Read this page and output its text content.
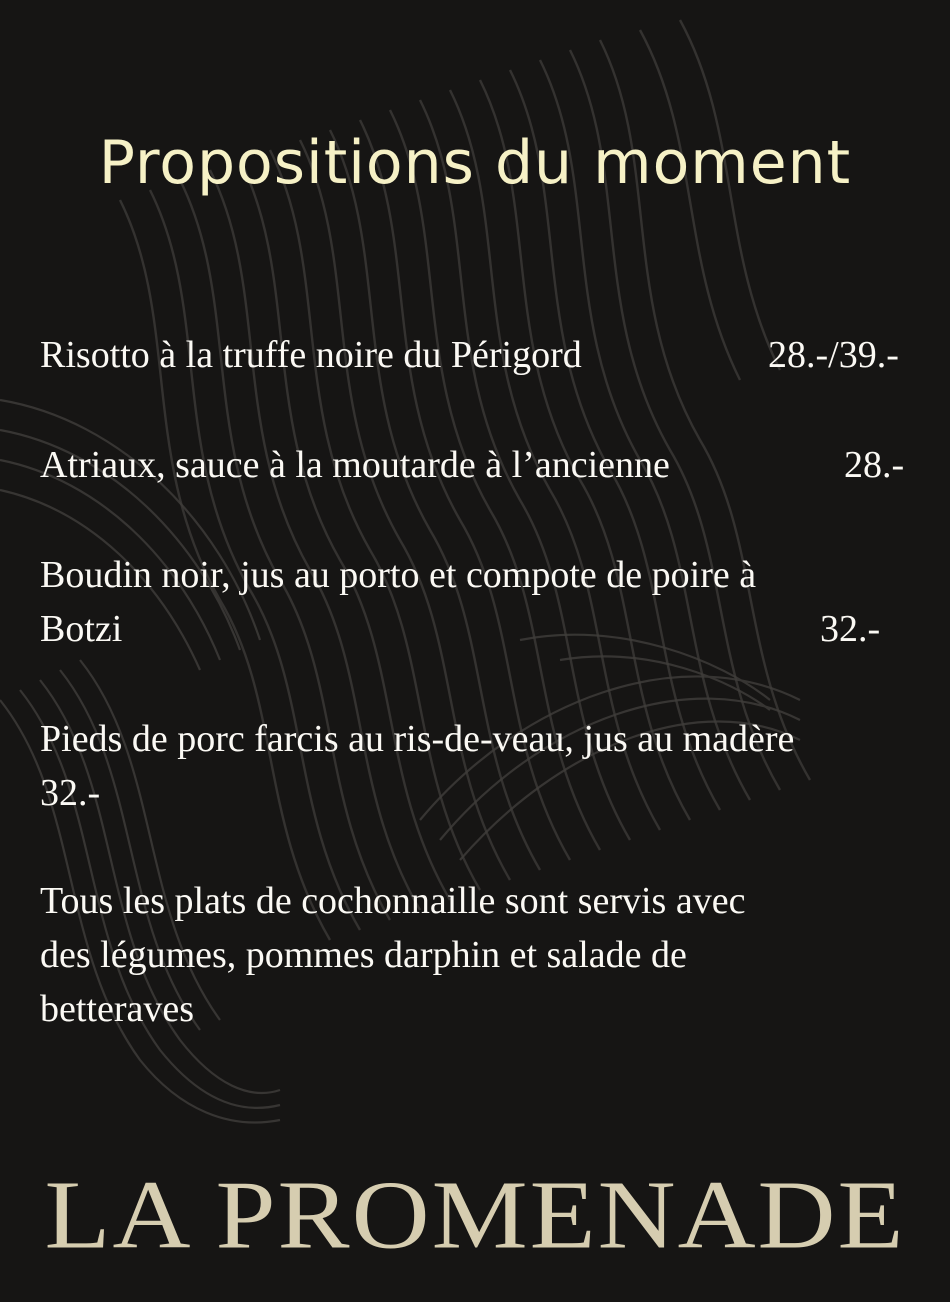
Propositions du moment
Risotto à la truffe noire du Périgord	28.-/39.-
Atriaux, sauce à la moutarde à l’ancienne	28.-
Boudin noir, jus au porto et compote de poire à
Botzi	32.-
Pieds de porc farcis au ris-de-veau, jus au madère
32.-
Tous les plats de cochonnaille sont servis avec
des légumes, pommes darphin et salade de
betteraves
LA PROMENADE
